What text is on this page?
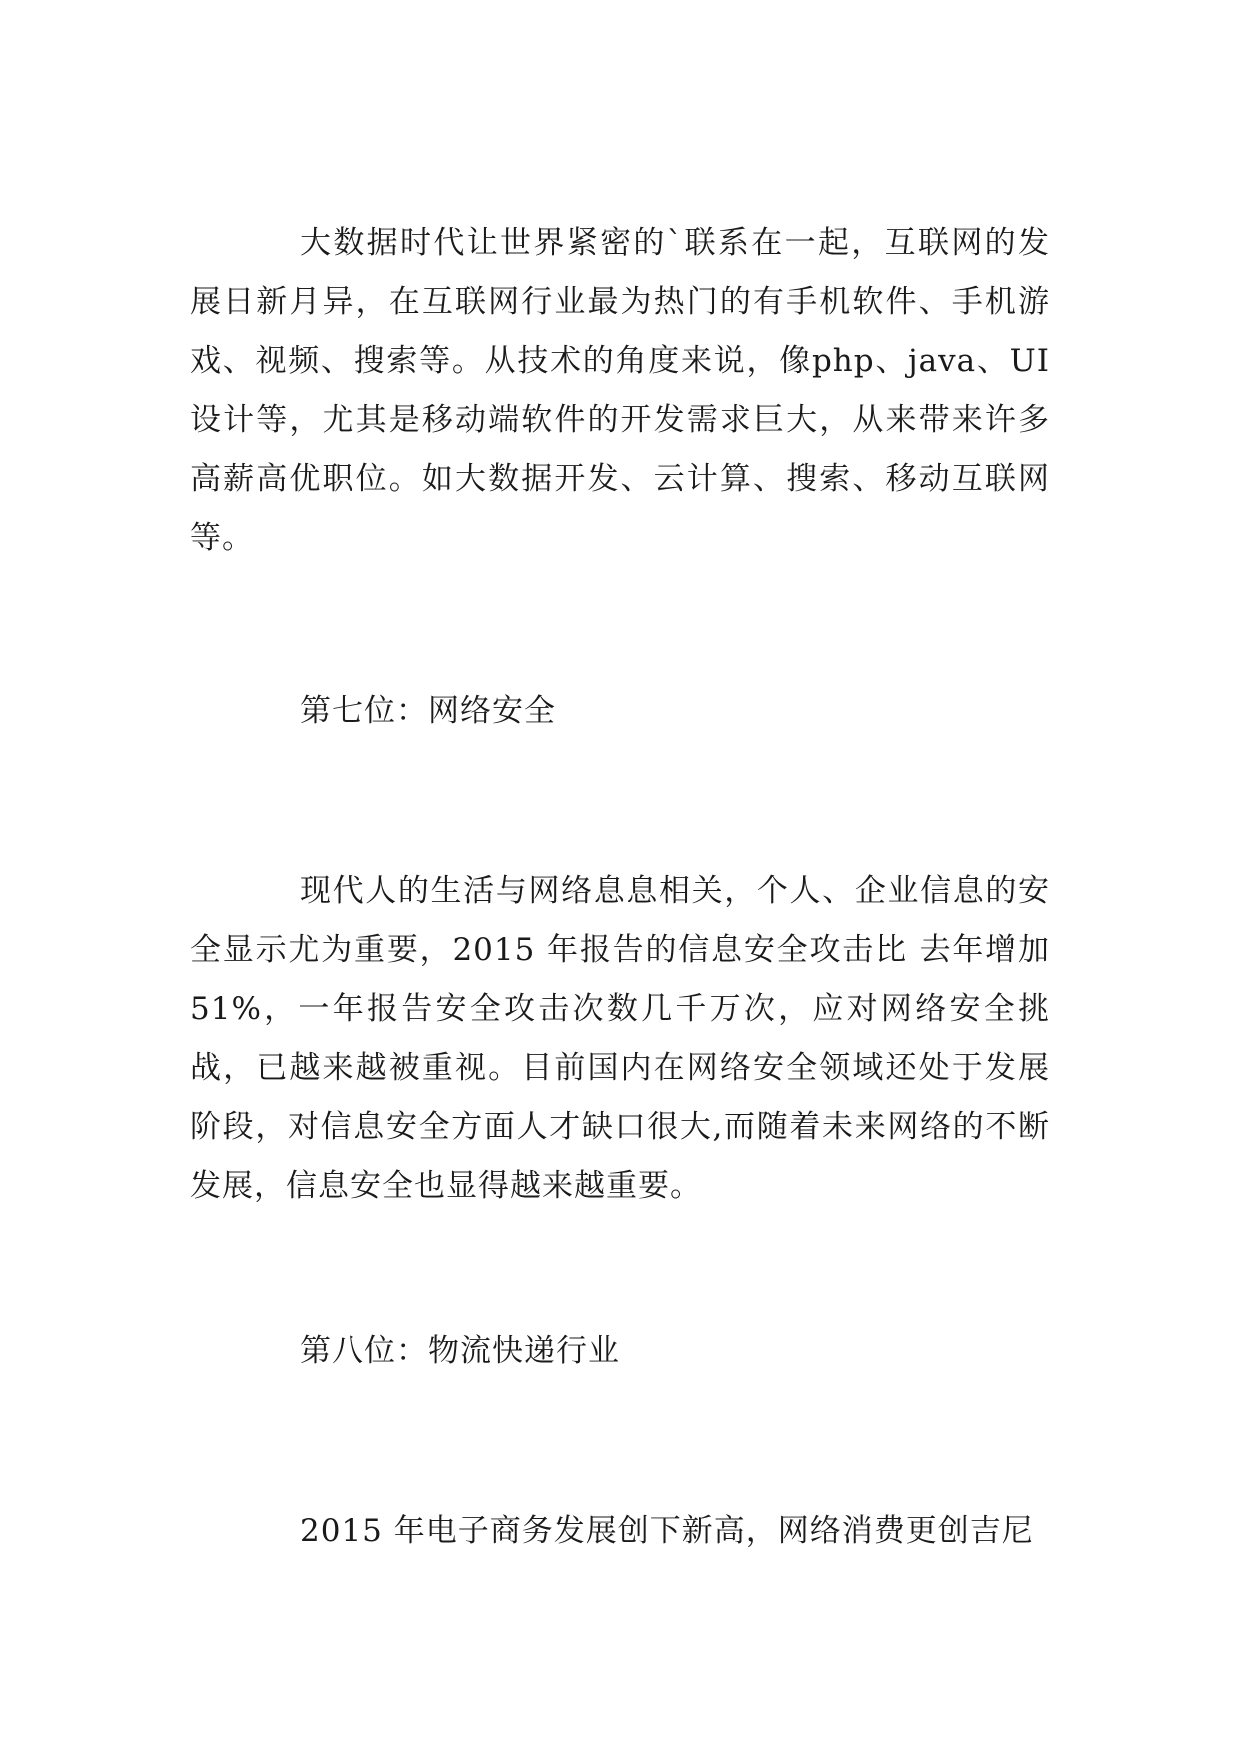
大数据时代让世界紧密的`联系在一起，互联网的发展日新月异，在互联网行业最为热门的有手机软件、手机游戏、视频、搜索等。从技术的角度来说，像php、java、UI设计等，尤其是移动端软件的开发需求巨大，从来带来许多高薪高优职位。如大数据开发、云计算、搜索、移动互联网等。

第七位：网络安全

现代人的生活与网络息息相关，个人、企业信息的安全显示尤为重要，2015 年报告的信息安全攻击比 去年增加51%，一年报告安全攻击次数几千万次，应对网络安全挑战，已越来越被重视。目前国内在网络安全领域还处于发展阶段，对信息安全方面人才缺口很大,而随着未来网络的不断发展，信息安全也显得越来越重要。

第八位：物流快递行业

2015 年电子商务发展创下新高，网络消费更创吉尼
